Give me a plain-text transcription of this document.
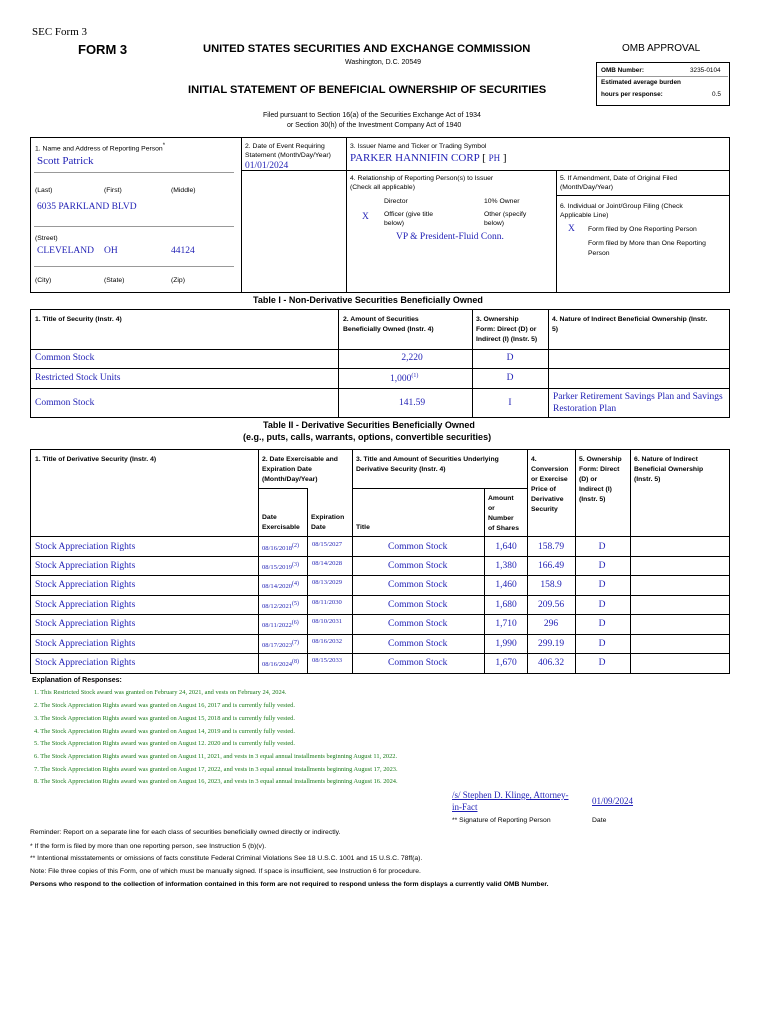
SEC Form 3
FORM 3	UNITED STATES SECURITIES AND EXCHANGE COMMISSION
Washington, D.C. 20549
INITIAL STATEMENT OF BENEFICIAL OWNERSHIP OF SECURITIES
Filed pursuant to Section 16(a) of the Securities Exchange Act of 1934
or Section 30(h) of the Investment Company Act of 1940
OMB APPROVAL
OMB Number:	3235-0104
Estimated average burden
hours per response:	0.5
1. Name and Address of Reporting Person*
Scott Patrick
(Last)	(First)	(Middle)
6035 PARKLAND BLVD
(Street)
CLEVELAND OH	44124
(City)	(State)	(Zip)
2. Date of Event Requiring
Statement (Month/Day/Year)
01/01/2024
3. Issuer Name and Ticker or Trading Symbol
PARKER HANNIFIN CORP [ PH ]
4. Relationship of Reporting Person(s) to Issuer
(Check all applicable)
Director	10% Owner
X Officer (give title
below)
Other (specify
below)
VP & President-Fluid Conn.
5. If Amendment, Date of Original Filed
(Month/Day/Year)
6. Individual or Joint/Group Filing (Check
Applicable Line)
X Form filed by One Reporting Person
Form filed by More than One Reporting
Person
Table I - Non-Derivative Securities Beneficially Owned
1. Title of Security (Instr. 4)	2. Amount of Securities
Beneficially Owned (Instr. 4)
3. Ownership
Form: Direct (D) or
Indirect (I) (Instr. 5)
4. Nature of Indirect Beneficial Ownership (Instr.
5)
Common Stock	2,220	D
Restricted Stock Units	1,000$^{(1)}$	D
Common Stock	141.59	I
Parker Retirement Savings Plan and Savings
Restoration Plan
Table II - Derivative Securities Beneficially Owned
(e.g., puts, calls, warrants, options, convertible securities)
1. Title of Derivative Security (Instr. 4)	2. Date Exercisable and
Expiration Date
(Month/Day/Year)
Date
Exercisable
Expiration
Date
3. Title and Amount of Securities Underlying
Derivative Security (Instr. 4)
Title
Amount
or
Number
of Shares
4.
Conversion
or Exercise
Price of
Derivative
Security
5. Ownership
Form: Direct
(D) or
Indirect (I)
(Instr. 5)
6. Nature of Indirect
Beneficial Ownership
(Instr. 5)
Stock Appreciation Rights	08/16/2018(2) 08/15/2027	Common Stock	1,640	158.79	D
Stock Appreciation Rights	08/15/2019(3) 08/14/2028	Common Stock	1,380	166.49	D
Stock Appreciation Rights	08/14/2020(4) 08/13/2029	Common Stock	1,460	158.9	D
Stock Appreciation Rights	08/12/2021(5) 08/11/2030	Common Stock	1,680	209.56	D
Stock Appreciation Rights	08/11/2022(6) 08/10/2031	Common Stock	1,710	296	D
Stock Appreciation Rights	08/17/2023(7) 08/16/2032	Common Stock	1,990	299.19	D
Stock Appreciation Rights	08/16/2024(8) 08/15/2033	Common Stock	1,670	406.32	D
Explanation of Responses:
1. This Restricted Stock award was granted on February 24, 2021, and vests on February 24, 2024.
2. The Stock Appreciation Rights award was granted on August 16, 2017 and is currently fully vested.
3. The Stock Appreciation Rights award was granted on August 15, 2018 and is currently fully vested.
4. The Stock Appreciation Rights award was granted on August 14, 2019 and is currently fully vested.
5. The Stock Appreciation Rights award was granted on August 12. 2020 and is currently fully vested.
6. The Stock Appreciation Rights award was granted on August 11, 2021, and vests in 3 equal annual installments beginning August 11, 2022.
7. The Stock Appreciation Rights award was granted on August 17, 2022, and vests in 3 equal annual installments beginning August 17, 2023.
8. The Stock Appreciation Rights award was granted on August 16, 2023, and vests in 3 equal annual installments beginning August 16. 2024.
/s/ Stephen D. Klinge, Attorney-
in-Fact
01/09/2024
** Signature of Reporting Person	Date
Reminder: Report on a separate line for each class of securities beneficially owned directly or indirectly.
* If the form is filed by more than one reporting person, see Instruction 5 (b)(v).
** Intentional misstatements or omissions of facts constitute Federal Criminal Violations See 18 U.S.C. 1001 and 15 U.S.C. 78ff(a).
Note: File three copies of this Form, one of which must be manually signed. If space is insufficient, see Instruction 6 for procedure.
Persons who respond to the collection of information contained in this form are not required to respond unless the form displays a currently valid OMB Number.
